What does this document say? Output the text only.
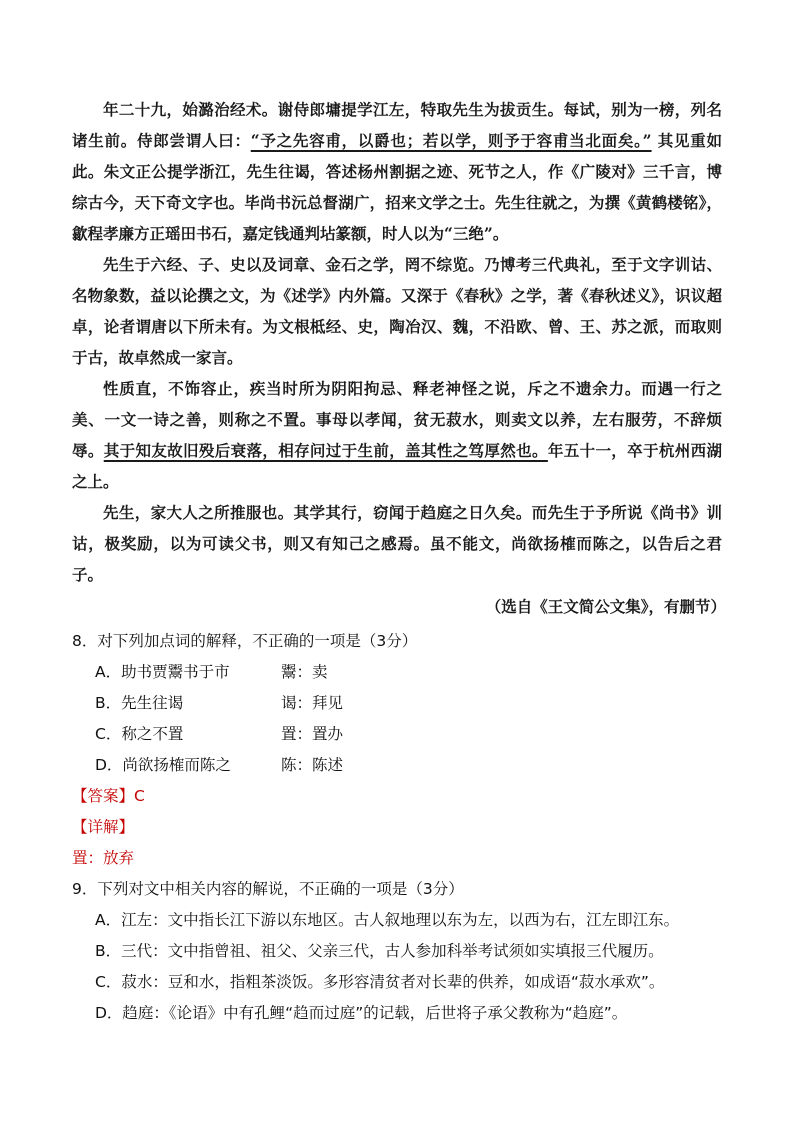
年二十九，始潞治经术。谢侍郎墉提学江左，特取先生为拔贡生。每试，别为一榜，列名诸生前。侍郎尝谓人曰：“予之先容甫，以爵也；若以学，则予于容甫当北面矣。” 其见重如此。朱文正公提学浙江，先生往谒，答述杨州割据之迹、死节之人，作《广陵对》三千言，博综古今，天下奇文字也。毕尚书沅总督湖广，招来文学之士。先生往就之，为撰《黄鹤楼铭》，歙程孝廉方正瑶田书石，嘉定钱通判坫篆额，时人以为“三绝”。

先生于六经、子、史以及词章、金石之学，罔不综览。乃博考三代典礼，至于文字训诂、名物象数，益以论撰之文，为《述学》内外篇。又深于《春秋》之学，著《春秋述义》，识议超卓，论者谓唐以下所未有。为文根柢经、史，陶冶汉、魏，不沿欧、曾、王、苏之派，而取则于古，故卓然成一家言。

性质直，不饰容止，疾当时所为阴阳拘忌、释老神怪之说，斥之不遗余力。而遇一行之美、一文一诗之善，则称之不置。事母以孝闻，贫无菽水，则卖文以养，左右服劳，不辞烦辱。其于知友故旧殁后衰落，相存问过于生前，盖其性之笃厚然也。年五十一，卒于杭州西湖之上。

先生，家大人之所推服也。其学其行，窃闻于趋庭之日久矣。而先生于予所说《尚书》训诂，极奖励，以为可读父书，则又有知己之感焉。虽不能文，尚欲扬榷而陈之，以告后之君子。

（选自《王文简公文集》，有删节）
8．对下列加点词的解释，不正确的一项是（3分）
A．助书贾鬻书于市	鬻：卖
B．先生往谒	谒：拜见
C．称之不置	置：置办
D．尚欲扬榷而陈之	陈：陈述
【答案】C
【详解】
置：放弃
9．下列对文中相关内容的解说，不正确的一项是（3分）
A．江左：文中指长江下游以东地区。古人叙地理以东为左，以西为右，江左即江东。
B．三代：文中指曾祖、祖父、父亲三代，古人参加科举考试须如实填报三代履历。
C．菽水：豆和水，指粗茶淡饭。多形容清贫者对长辈的供养，如成语“菽水承欢”。
D．趋庭：《论语》中有孔鲤“趋而过庭”的记载，后世将子承父教称为“趋庭”。
